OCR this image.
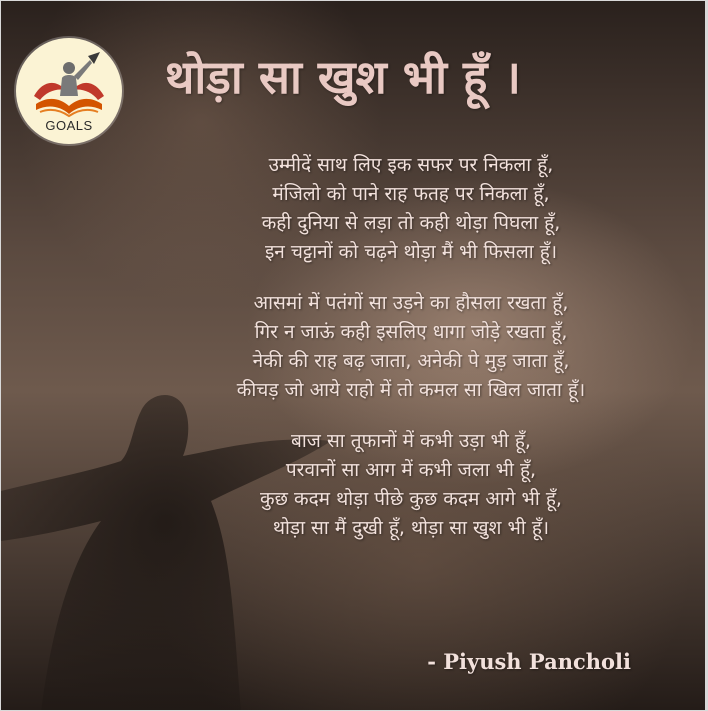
GOALS
थोड़ा सा खुश भी हूँ ।
उम्मीदें साथ लिए इक सफर पर निकला हूँ,
मंजिलो को पाने राह फतह पर निकला हूँ,
कही दुनिया से लड़ा तो कही थोड़ा पिघला हूँ,
इन चट्टानों को चढ़ने थोड़ा मैं भी फिसला हूँ।
आसमां में पतंगों सा उड़ने का हौसला रखता हूँ,
गिर न जाऊं कही इसलिए धागा जोड़े रखता हूँ,
नेकी की राह बढ़ जाता, अनेकी पे मुड़ जाता हूँ,
कीचड़ जो आये राहो में तो कमल सा खिल जाता हूँ।
बाज सा तूफानों में कभी उड़ा भी हूँ,
परवानों सा आग में कभी जला भी हूँ,
कुछ कदम थोड़ा पीछे कुछ कदम आगे भी हूँ,
थोड़ा सा मैं दुखी हूँ, थोड़ा सा खुश भी हूँ।
- Piyush Pancholi
